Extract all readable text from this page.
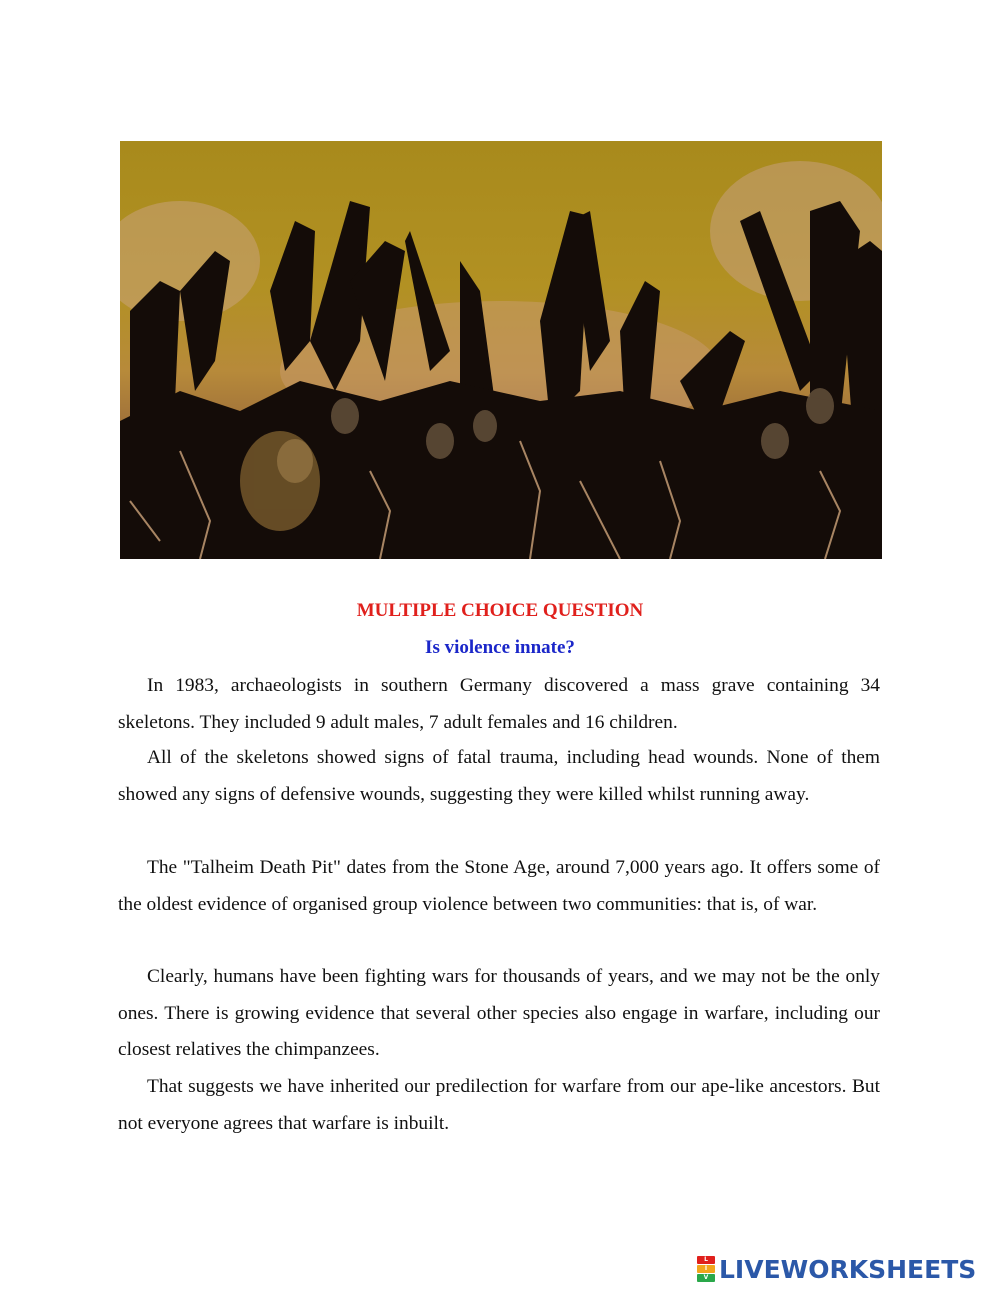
MULTIPLE CHOICE QUESTION

Is violence innate?

In 1983, archaeologists in southern Germany discovered a mass grave containing 34 skeletons. They included 9 adult males, 7 adult females and 16 children.

All of the skeletons showed signs of fatal trauma, including head wounds. None of them showed any signs of defensive wounds, suggesting they were killed whilst running away.

The "Talheim Death Pit" dates from the Stone Age, around 7,000 years ago. It offers some of the oldest evidence of organised group violence between two communities: that is, of war.

Clearly, humans have been fighting wars for thousands of years, and we may not be the only ones. There is growing evidence that several other species also engage in warfare, including our closest relatives the chimpanzees.

That suggests we have inherited our predilection for warfare from our ape-like ancestors. But not everyone agrees that warfare is inbuilt.

L
I
V LIVEWORKSHEETS
